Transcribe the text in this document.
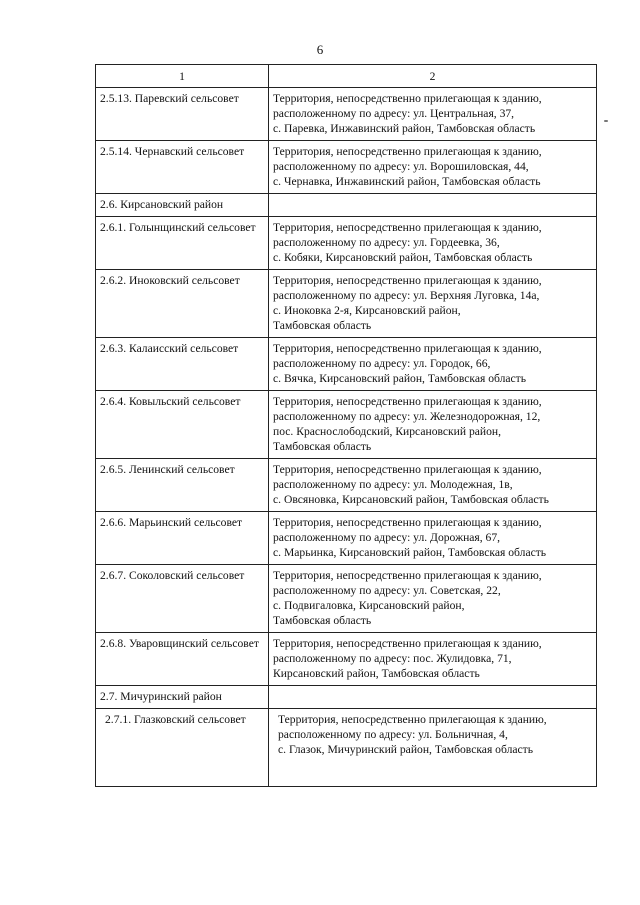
6
1	2
2.5.13. Паревский сельсовет	Территория, непосредственно прилегающая к зданию,
расположенному по адресу: ул. Центральная, 37,
с. Паревка, Инжавинский район, Тамбовская область

2.5.14. Чернавский сельсовет	Территория, непосредственно прилегающая к зданию,
расположенному по адресу: ул. Ворошиловская, 44,
с. Чернавка, Инжавинский район, Тамбовская область

2.6. Кирсановский район	
2.6.1. Голынщинский сельсовет	Территория, непосредственно прилегающая к зданию,
расположенному по адресу: ул. Гордеевка, 36,
с. Кобяки, Кирсановский район, Тамбовская область

2.6.2. Иноковский сельсовет	Территория, непосредственно прилегающая к зданию,
расположенному по адресу: ул. Верхняя Луговка, 14а,
с. Иноковка 2-я, Кирсановский район,
Тамбовская область

2.6.3. Калаисский сельсовет	Территория, непосредственно прилегающая к зданию,
расположенному по адресу: ул. Городок, 66,
с. Вячка, Кирсановский район, Тамбовская область

2.6.4. Ковыльский сельсовет	Территория, непосредственно прилегающая к зданию,
расположенному по адресу: ул. Железнодорожная, 12,
пос. Краснослободский, Кирсановский район,
Тамбовская область

2.6.5. Ленинский сельсовет	Территория, непосредственно прилегающая к зданию,
расположенному по адресу: ул. Молодежная, 1в,
с. Овсяновка, Кирсановский район, Тамбовская область

2.6.6. Марьинский сельсовет	Территория, непосредственно прилегающая к зданию,
расположенному по адресу: ул. Дорожная, 67,
с. Марьинка, Кирсановский район, Тамбовская область

2.6.7. Соколовский сельсовет	Территория, непосредственно прилегающая к зданию,
расположенному по адресу: ул. Советская, 22,
с. Подвигаловка, Кирсановский район,
Тамбовская область

2.6.8. Уваровщинский сельсовет	Территория, непосредственно прилегающая к зданию,
расположенному по адресу: пос. Жулидовка, 71,
Кирсановский район, Тамбовская область

2.7. Мичуринский район	
2.7.1. Глазковский сельсовет	Территория, непосредственно прилегающая к зданию,
расположенному по адресу: ул. Больничная, 4,
с. Глазок, Мичуринский район, Тамбовская область
